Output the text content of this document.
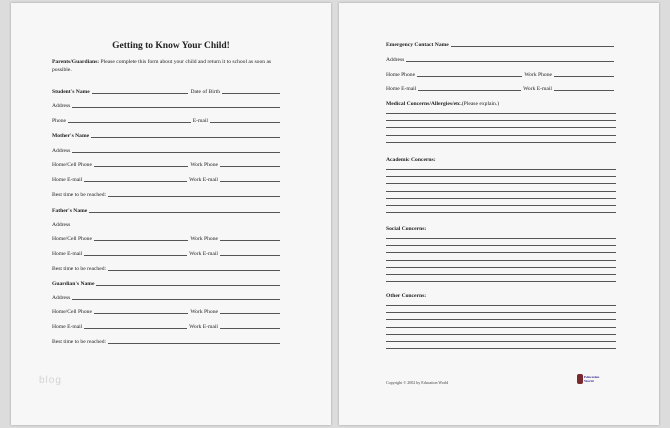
Getting to Know Your Child!
Parents/Guardians: Please complete this form about your child and return it to school as soon as possible.
Student's Name	Date of Birth
Address
Phone	E-mail
Mother's Name
Address
Home/Cell Phone	Work Phone
Home E-mail	Work E-mail
Best time to be reached:
Father's Name
Address
Home/Cell Phone	Work Phone
Home E-mail	Work E-mail
Best time to be reached:
Guardian's Name
Address
Home/Cell Phone	Work Phone
Home E-mail	Work E-mail
Best time to be reached:
blog
Emergency Contact Name
Address
Home Phone	Work Phone
Home E-mail	Work E-mail
Medical Concerns/Allergies/etc. (Please explain.)
Academic Concerns:
Social Concerns:
Other Concerns:
Copyright © 2002 by Education World
Education World
